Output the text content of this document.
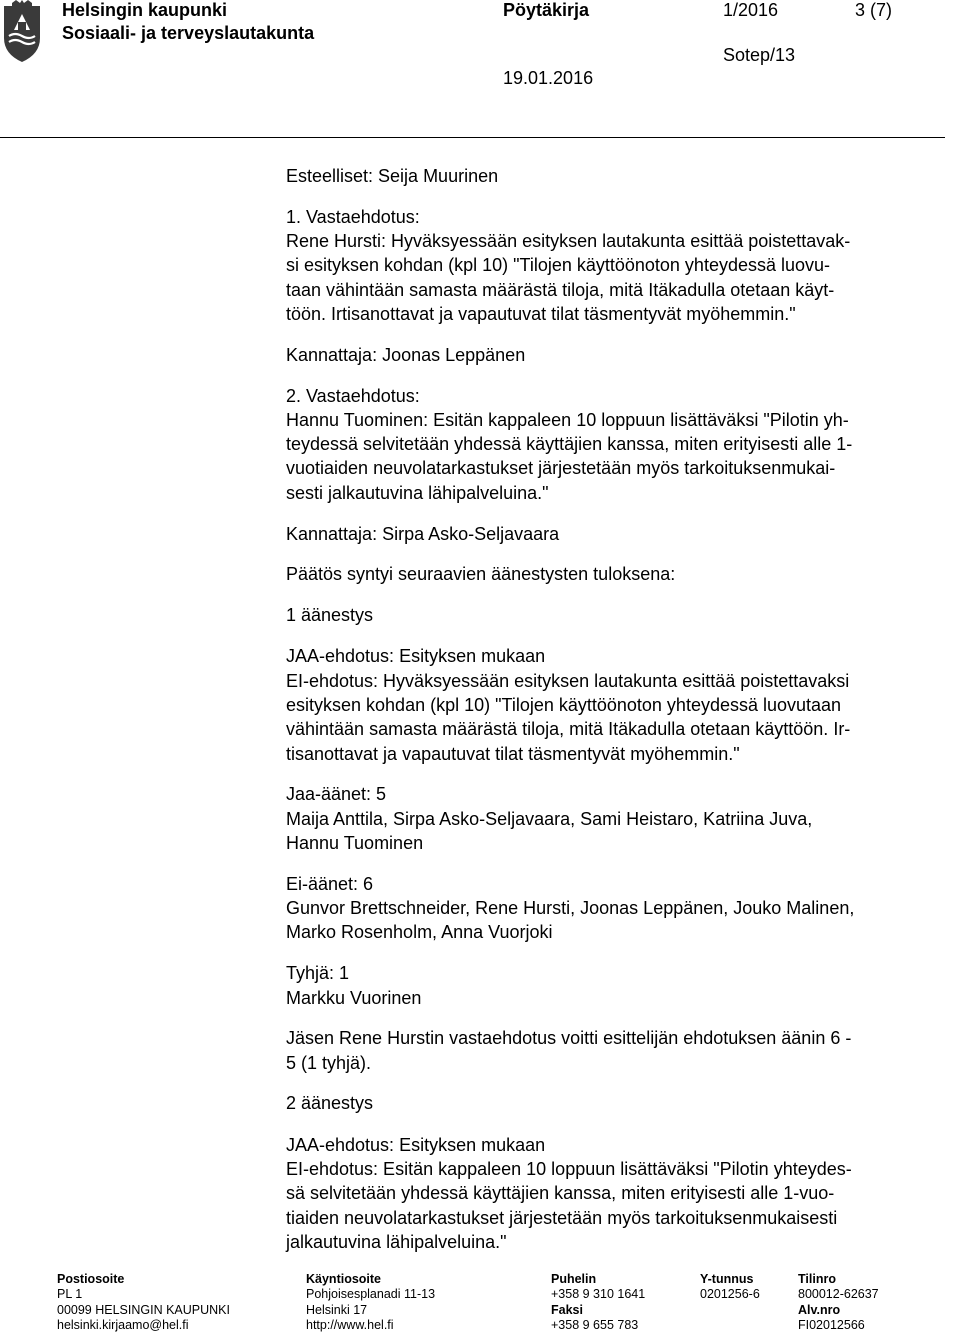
Helsingin kaupunki
Sosiaali- ja terveyslautakunta
Pöytäkirja	1/2016	3 (7)
Sotep/13
19.01.2016

Esteelliset: Seija Muurinen

1. Vastaehdotus:
Rene Hursti: Hyväksyessään esityksen lautakunta esittää poistettavak-
si esityksen kohdan (kpl 10) "Tilojen käyttöönoton yhteydessä luovu-
taan vähintään samasta määrästä tiloja, mitä Itäkadulla otetaan käyt-
töön. Irtisanottavat ja vapautuvat tilat täsmentyvät myöhemmin."

Kannattaja: Joonas Leppänen

2. Vastaehdotus:
Hannu Tuominen: Esitän kappaleen 10 loppuun lisättäväksi "Pilotin yh-
teydessä selvitetään yhdessä käyttäjien kanssa, miten erityisesti alle 1-
vuotiaiden neuvolatarkastukset järjestetään myös tarkoituksenmukai-
sesti jalkautuvina lähipalveluina."

Kannattaja: Sirpa Asko-Seljavaara

Päätös syntyi seuraavien äänestysten tuloksena:

1 äänestys

JAA-ehdotus: Esityksen mukaan
EI-ehdotus: Hyväksyessään esityksen lautakunta esittää poistettavaksi
esityksen kohdan (kpl 10) "Tilojen käyttöönoton yhteydessä luovutaan
vähintään samasta määrästä tiloja, mitä Itäkadulla otetaan käyttöön. Ir-
tisanottavat ja vapautuvat tilat täsmentyvät myöhemmin."
Jaa-äänet: 5
Maija Anttila, Sirpa Asko-Seljavaara, Sami Heistaro, Katriina Juva,
Hannu Tuominen
Ei-äänet: 6
Gunvor Brettschneider, Rene Hursti, Joonas Leppänen, Jouko Malinen,
Marko Rosenholm, Anna Vuorjoki
Tyhjä: 1
Markku Vuorinen
Jäsen Rene Hurstin vastaehdotus voitti esittelijän ehdotuksen äänin 6 -
5 (1 tyhjä).

2 äänestys

JAA-ehdotus: Esityksen mukaan
EI-ehdotus: Esitän kappaleen 10 loppuun lisättäväksi "Pilotin yhteydes-
sä selvitetään yhdessä käyttäjien kanssa, miten erityisesti alle 1-vuo-
tiaiden neuvolatarkastukset järjestetään myös tarkoituksenmukaisesti
jalkautuvina lähipalveluina."
Postiosoite
PL 1
00099 HELSINGIN KAUPUNKI
helsinki.kirjaamo@hel.fi
Käyntiosoite
Pohjoisesplanadi 11-13
Helsinki 17
http://www.hel.fi
Puhelin
+358 9 310 1641
Faksi
+358 9 655 783
Y-tunnus
0201256-6
Tilinro
800012-62637
Alv.nro
FI02012566
